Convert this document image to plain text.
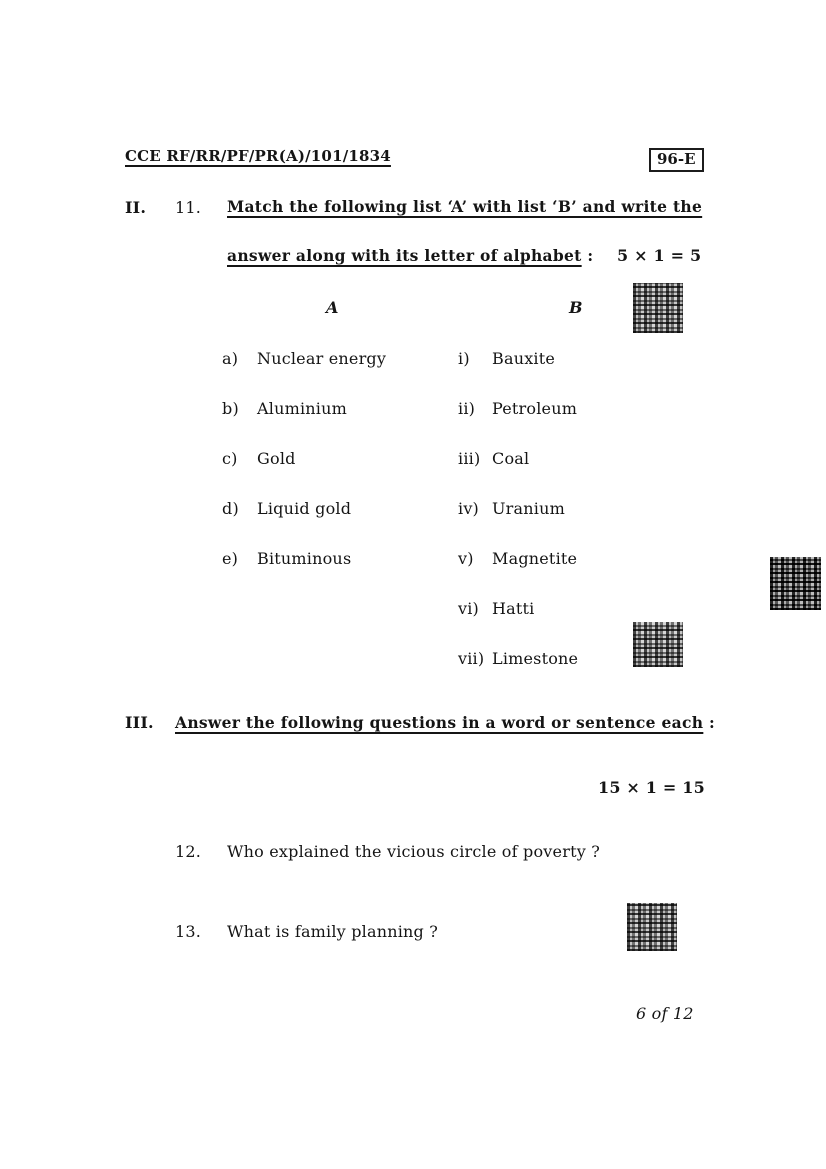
CCE RF/RR/PF/PR(A)/101/1834	96-E
II. 11. Match the following list ‘A’ with list ‘B’ and write the
answer along with its letter of alphabet : 5 × 1 = 5
A	B
a) Nuclear energy
b) Aluminium
c) Gold
d) Liquid gold
e) Bituminous
i) Bauxite
ii) Petroleum
iii) Coal
iv) Uranium
v) Magnetite
vi) Hatti
vii) Limestone
III. Answer the following questions in a word or sentence each :
15 × 1 = 15
12. Who explained the vicious circle of poverty ?
13. What is family planning ?
6 of 12
